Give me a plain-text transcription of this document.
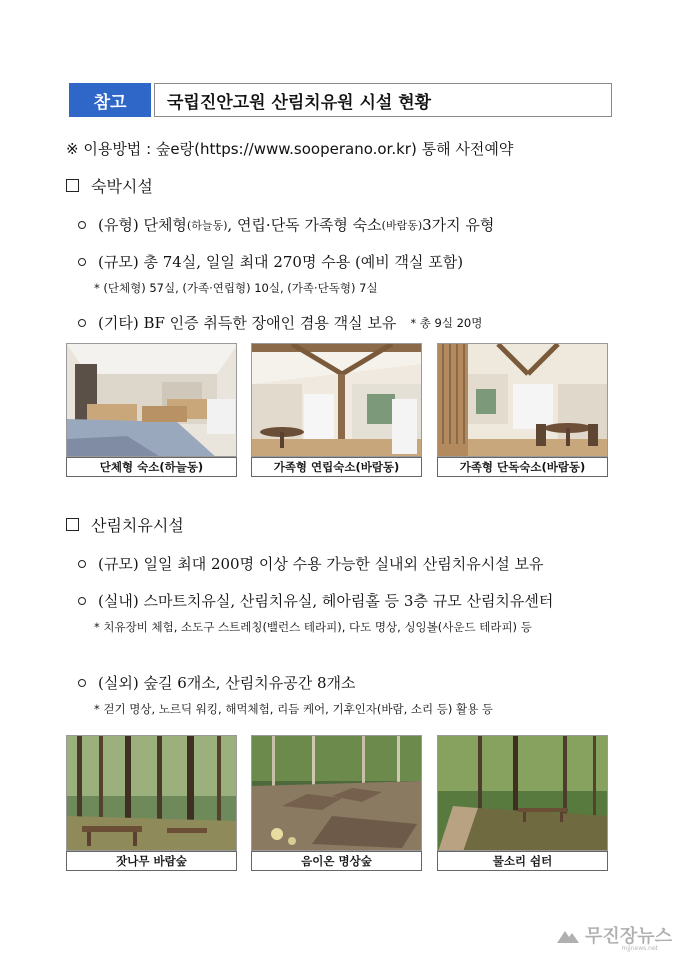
참고	국립진안고원 산림치유원 시설 현황
※ 이용방법 : 숲e랑(https://www.sooperano.or.kr) 통해 사전예약
숙박시설
(유형) 단체형 (하늘동) , 연립·단독 가족형 숙소 (바람동) 3가지 유형
(규모) 총 74실, 일일 최대 270명 수용 (예비 객실 포함)
* (단체형) 57실, (가족·연립형) 10실, (가족·단독형) 7실
(기타) BF 인증 취득한 장애인 겸용 객실 보유 * 총 9실 20명
단체형 숙소(하늘동)	가족형 연립숙소(바람동)	가족형 단독숙소(바람동)
산림치유시설
(규모) 일일 최대 200명 이상 수용 가능한 실내외 산림치유시설 보유
(실내) 스마트치유실, 산림치유실, 헤아림홀 등 3층 규모 산림치유센터
* 치유장비 체험, 소도구 스트레칭(밸런스 테라피), 다도 명상, 싱잉볼(사운드 테라피) 등
(실외) 숲길 6개소, 산림치유공간 8개소
* 걷기 명상, 노르딕 워킹, 해먹체험, 리듬 케어, 기후인자(바람, 소리 등) 활용 등
잣나무 바람숲	음이온 명상숲	물소리 쉼터
무진장뉴스
mjjnews.net
